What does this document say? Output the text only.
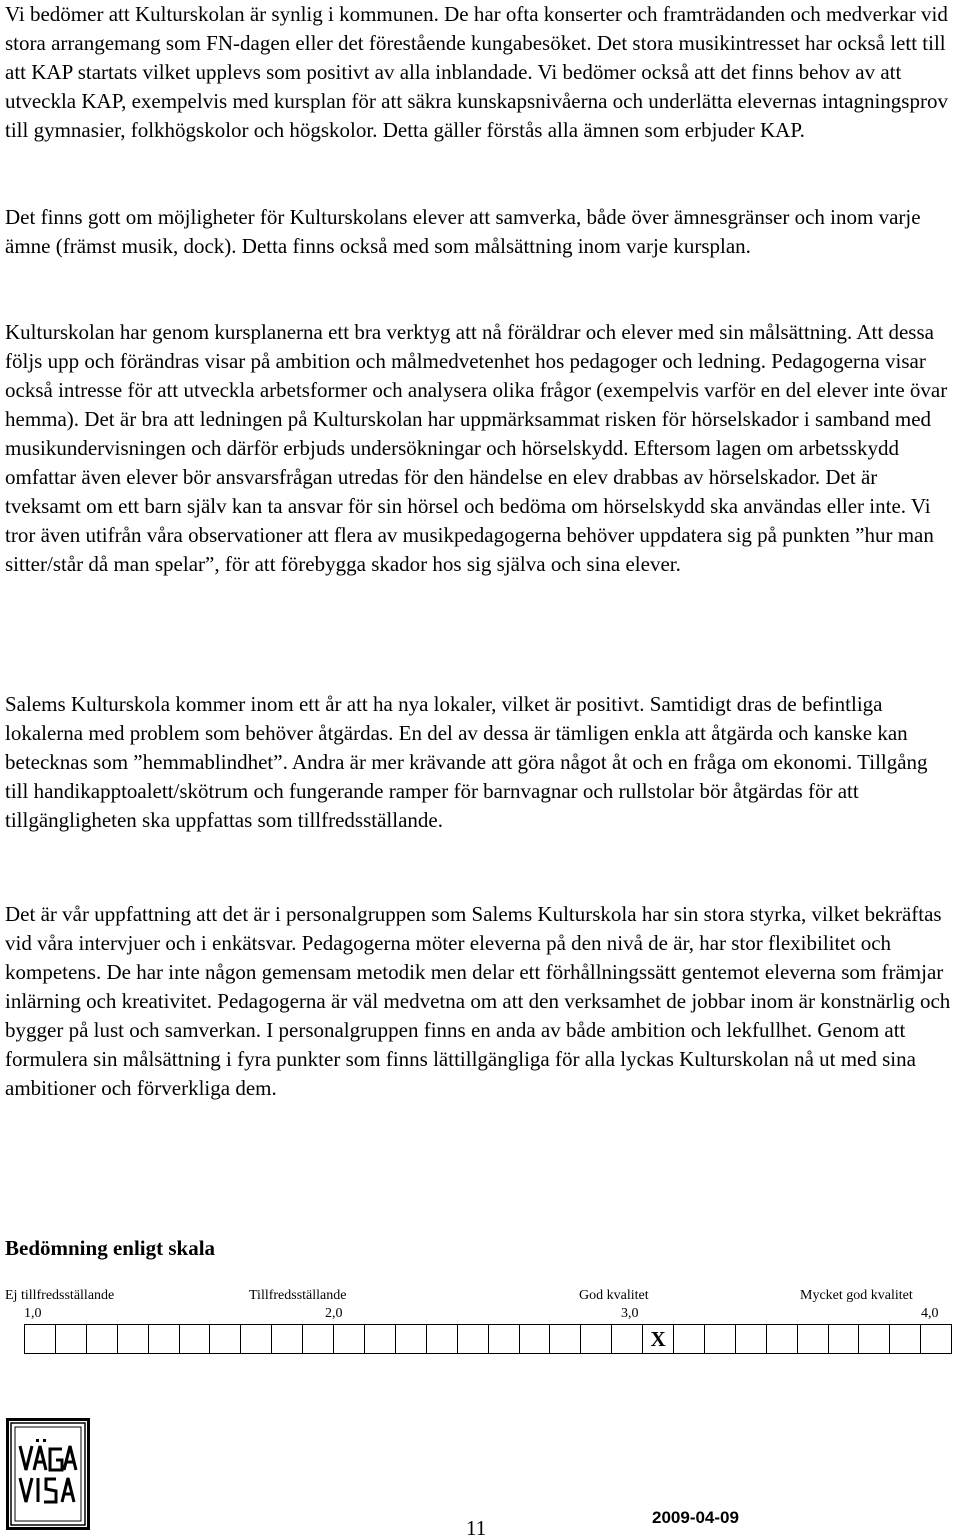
Vi bedömer att Kulturskolan är synlig i kommunen. De har ofta konserter och framträdanden och medverkar vid stora arrangemang som FN-dagen eller det förestående kungabesöket. Det stora musikintresset har också lett till att KAP startats vilket upplevs som positivt av alla inblandade. Vi bedömer också att det finns behov av att utveckla KAP, exempelvis med kursplan för att säkra kunskapsnivåerna och underlätta elevernas intagningsprov till gymnasier, folkhögskolor och högskolor. Detta gäller förstås alla ämnen som erbjuder KAP.

Det finns gott om möjligheter för Kulturskolans elever att samverka, både över ämnesgränser och inom varje ämne (främst musik, dock). Detta finns också med som målsättning inom varje kursplan.

Kulturskolan har genom kursplanerna ett bra verktyg att nå föräldrar och elever med sin målsättning. Att dessa följs upp och förändras visar på ambition och målmedvetenhet hos pedagoger och ledning. Pedagogerna visar också intresse för att utveckla arbetsformer och analysera olika frågor (exempelvis varför en del elever inte övar hemma). Det är bra att ledningen på Kulturskolan har uppmärksammat risken för hörselskador i samband med musikundervisningen och därför erbjuds undersökningar och hörselskydd. Eftersom lagen om arbetsskydd omfattar även elever bör ansvarsfrågan utredas för den händelse en elev drabbas av hörselskador. Det är tveksamt om ett barn själv kan ta ansvar för sin hörsel och bedöma om hörselskydd ska användas eller inte. Vi tror även utifrån våra observationer att flera av musikpedagogerna behöver uppdatera sig på punkten ”hur man sitter/står då man spelar”, för att förebygga skador hos sig själva och sina elever.

Salems Kulturskola kommer inom ett år att ha nya lokaler, vilket är positivt. Samtidigt dras de befintliga lokalerna med problem som behöver åtgärdas. En del av dessa är tämligen enkla att åtgärda och kanske kan betecknas som ”hemmablindhet”. Andra är mer krävande att göra något åt och en fråga om ekonomi. Tillgång till handikapptoalett/skötrum och fungerande ramper för barnvagnar och rullstolar bör åtgärdas för att tillgängligheten ska uppfattas som tillfredsställande.

Det är vår uppfattning att det är i personalgruppen som Salems Kulturskola har sin stora styrka, vilket bekräftas vid våra intervjuer och i enkätsvar. Pedagogerna möter eleverna på den nivå de är, har stor flexibilitet och kompetens. De har inte någon gemensam metodik men delar ett förhållningssätt gentemot eleverna som främjar inlärning och kreativitet. Pedagogerna är väl medvetna om att den verksamhet de jobbar inom är konstnärlig och bygger på lust och samverkan. I personalgruppen finns en anda av både ambition och lekfullhet. Genom att formulera sin målsättning i fyra punkter som finns lättillgängliga för alla lyckas Kulturskolan nå ut med sina ambitioner och förverkliga dem.

Bedömning enligt skala
Ej tillfredsställande	Tillfredsställande	God kvalitet	Mycket god kvalitet
1,0	2,0	3,0	4,0
X
11	2009-04-09
